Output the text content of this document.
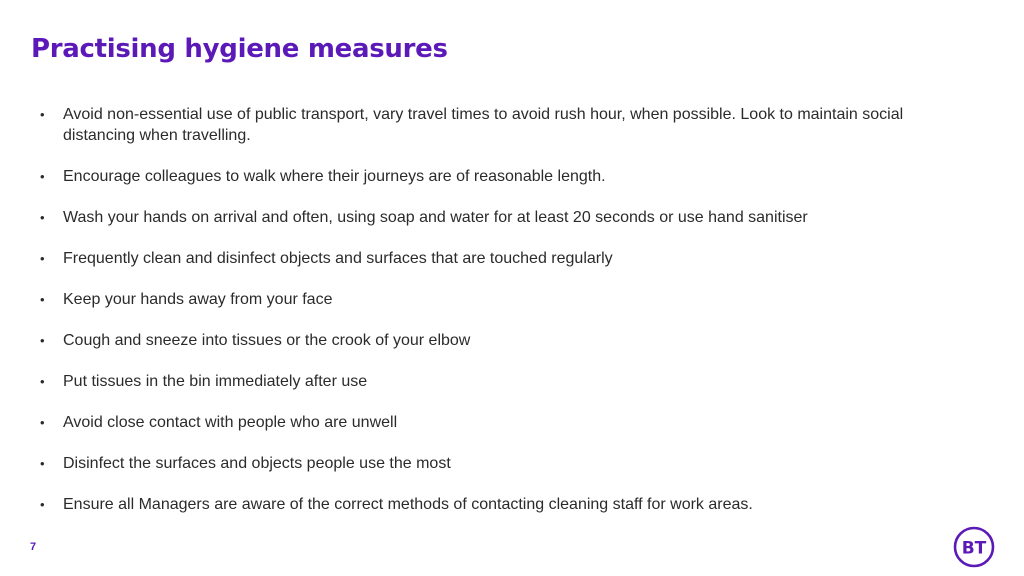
Practising hygiene measures
• Avoid non-essential use of public transport, vary travel times to avoid rush hour, when possible. Look to maintain social distancing when travelling.
• Encourage colleagues to walk where their journeys are of reasonable length.
• Wash your hands on arrival and often, using soap and water for at least 20 seconds or use hand sanitiser
• Frequently clean and disinfect objects and surfaces that are touched regularly
• Keep your hands away from your face
• Cough and sneeze into tissues or the crook of your elbow
• Put tissues in the bin immediately after use
• Avoid close contact with people who are unwell
• Disinfect the surfaces and objects people use the most
• Ensure all Managers are aware of the correct methods of contacting cleaning staff for work areas.
7	BT
